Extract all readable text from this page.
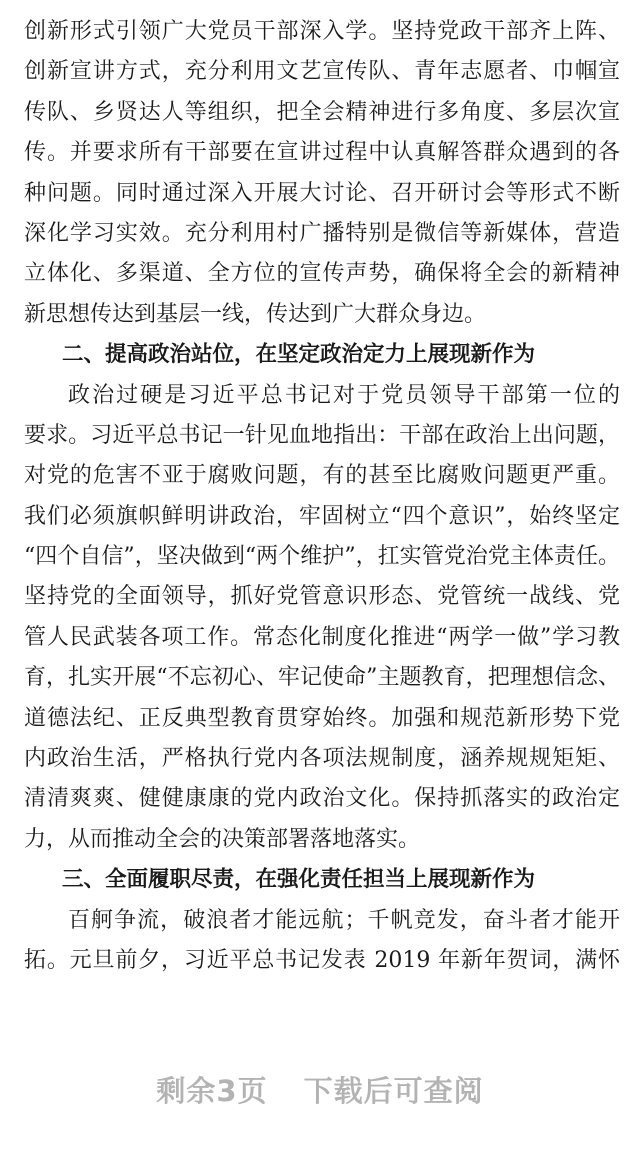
创新形式引领广大党员干部深入学。坚持党政干部齐上阵、
创新宣讲方式，充分利用文艺宣传队、青年志愿者、巾帼宣
传队、乡贤达人等组织，把全会精神进行多角度、多层次宣
传。并要求所有干部要在宣讲过程中认真解答群众遇到的各
种问题。同时通过深入开展大讨论、召开研讨会等形式不断
深化学习实效。充分利用村广播特别是微信等新媒体，营造
立体化、多渠道、全方位的宣传声势，确保将全会的新精神
新思想传达到基层一线，传达到广大群众身边。
二、提高政治站位，在坚定政治定力上展现新作为
政治过硬是习近平总书记对于党员领导干部第一位的
要求。习近平总书记一针见血地指出：干部在政治上出问题，
对党的危害不亚于腐败问题，有的甚至比腐败问题更严重。
我们必须旗帜鲜明讲政治，牢固树立“四个意识”，始终坚定
“四个自信”，坚决做到“两个维护”，扛实管党治党主体责任。
坚持党的全面领导，抓好党管意识形态、党管统一战线、党
管人民武装各项工作。常态化制度化推进“两学一做”学习教
育，扎实开展“不忘初心、牢记使命”主题教育，把理想信念、
道德法纪、正反典型教育贯穿始终。加强和规范新形势下党
内政治生活，严格执行党内各项法规制度，涵养规规矩矩、
清清爽爽、健健康康的党内政治文化。保持抓落实的政治定
力，从而推动全会的决策部署落地落实。
三、全面履职尽责，在强化责任担当上展现新作为
百舸争流，破浪者才能远航；千帆竞发，奋斗者才能开
拓。元旦前夕，习近平总书记发表 2019 年新年贺词，满怀
剩余3页 下载后可查阅
